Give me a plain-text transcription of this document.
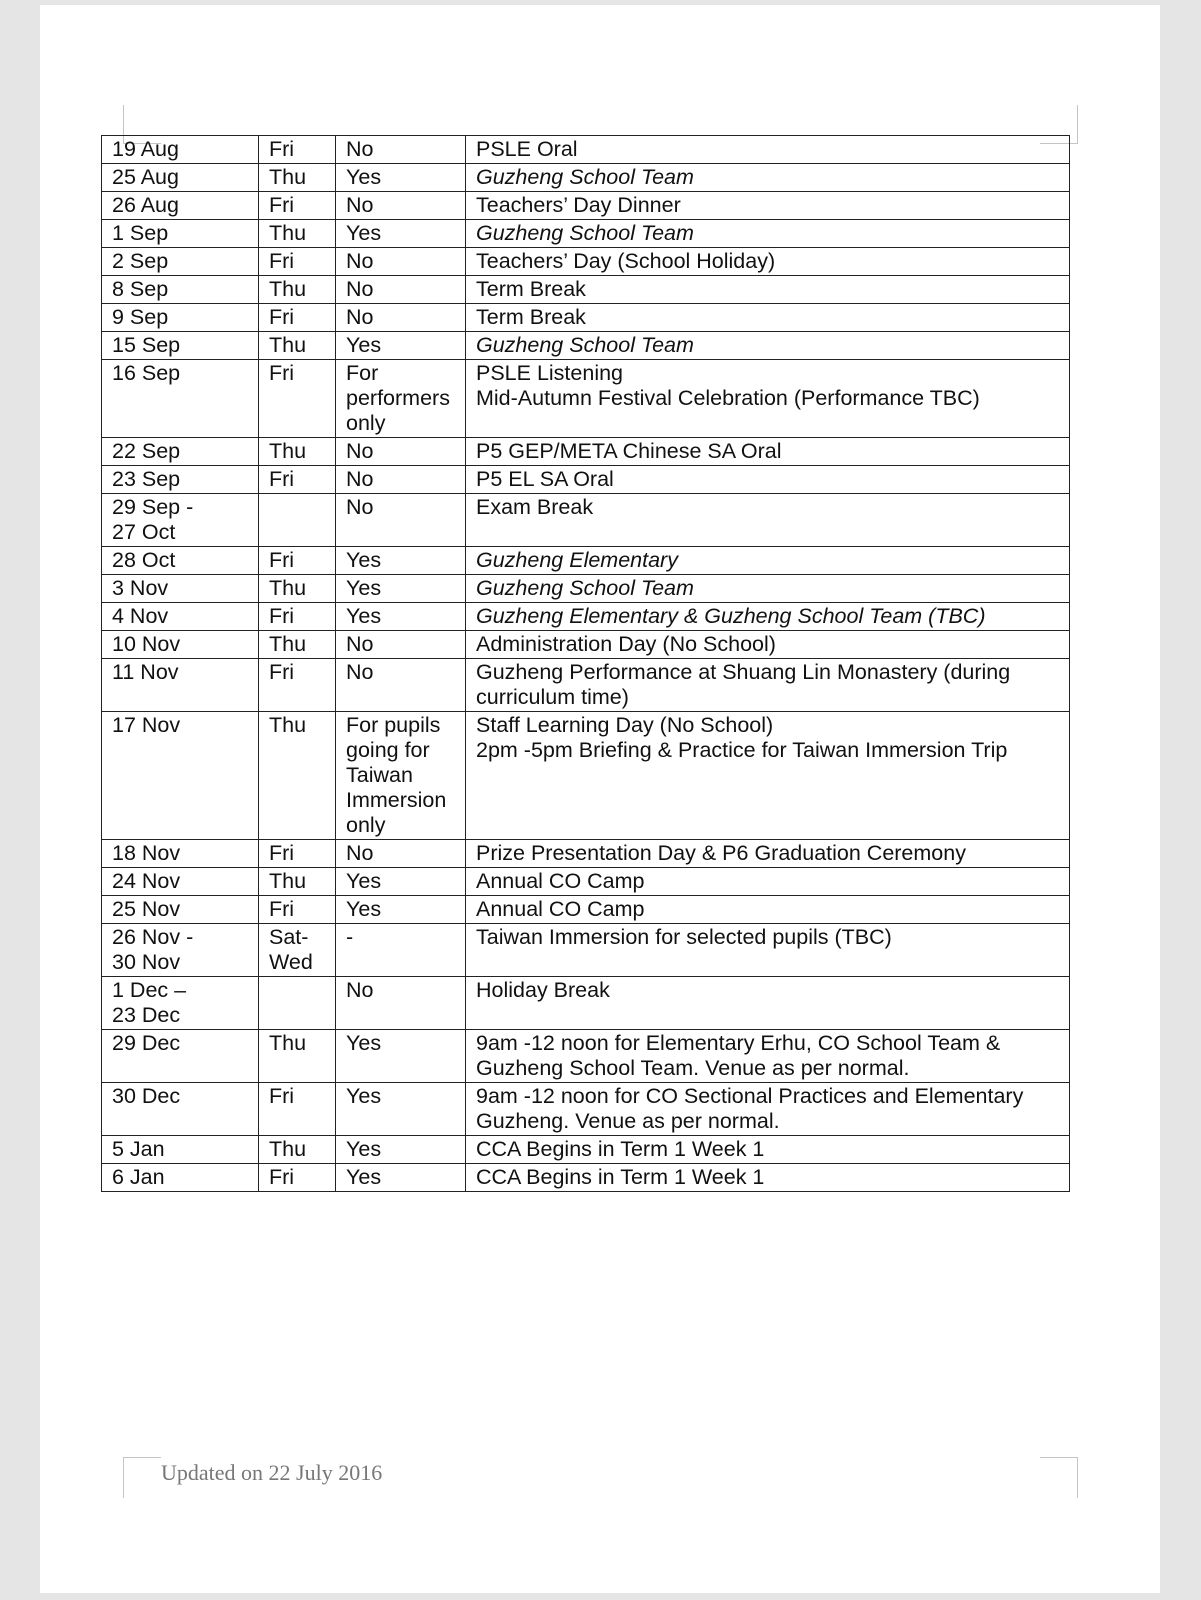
Updated on 22 July 2016
19 Aug	Fri	No	PSLE Oral

25 Aug	Thu	Yes	Guzheng School Team

26 Aug	Fri	No	Teachers’ Day Dinner

1 Sep	Thu	Yes	Guzheng School Team

2 Sep	Fri	No	Teachers’ Day (School Holiday)

8 Sep	Thu	No	Term Break

9 Sep	Fri	No	Term Break

15 Sep	Thu	Yes	Guzheng School Team

16 Sep	Fri	For
performers
only	PSLE Listening
Mid-Autumn Festival Celebration (Performance TBC)

22 Sep	Thu	No	P5 GEP/META Chinese SA Oral

23 Sep	Fri	No	P5 EL SA Oral

29 Sep -
27 Oct		No	Exam Break

28 Oct	Fri	Yes	Guzheng Elementary

3 Nov	Thu	Yes	Guzheng School Team

4 Nov	Fri	Yes	Guzheng Elementary & Guzheng School Team (TBC)

10 Nov	Thu	No	Administration Day (No School)

11 Nov	Fri	No	Guzheng Performance at Shuang Lin Monastery (during
curriculum time)

17 Nov	Thu	For pupils
going for
Taiwan
Immersion
only	Staff Learning Day (No School)
2pm -5pm Briefing & Practice for Taiwan Immersion Trip

18 Nov	Fri	No	Prize Presentation Day & P6 Graduation Ceremony

24 Nov	Thu	Yes	Annual CO Camp

25 Nov	Fri	Yes	Annual CO Camp

26 Nov -
30 Nov	Sat-
Wed	-	Taiwan Immersion for selected pupils (TBC)

1 Dec –
23 Dec		No	Holiday Break

29 Dec	Thu	Yes	9am -12 noon for Elementary Erhu, CO School Team &
Guzheng School Team. Venue as per normal.

30 Dec	Fri	Yes	9am -12 noon for CO Sectional Practices and Elementary
Guzheng. Venue as per normal.

5 Jan	Thu	Yes	CCA Begins in Term 1 Week 1

6 Jan	Fri	Yes	CCA Begins in Term 1 Week 1
